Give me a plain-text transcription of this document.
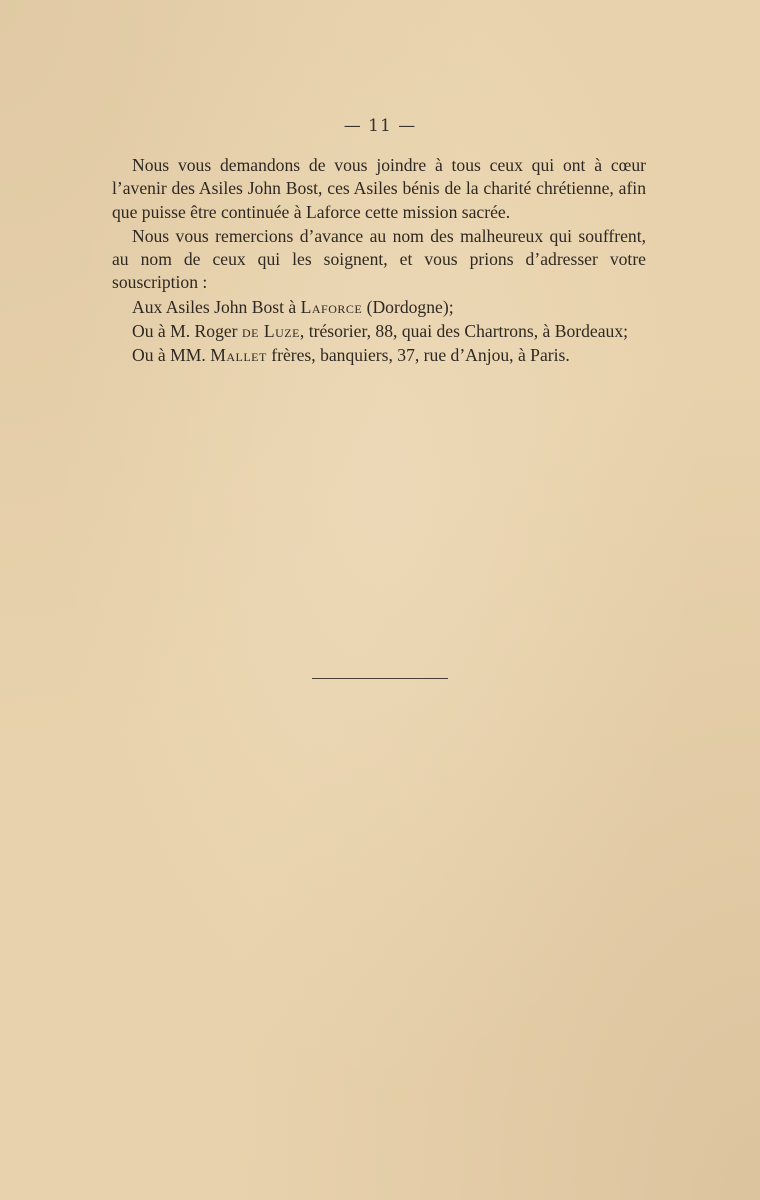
— 11 —

Nous vous demandons de vous joindre à tous ceux qui ont à cœur l’avenir des Asiles John Bost, ces Asiles bénis de la charité chrétienne, afin que puisse être continuée à Laforce cette mission sacrée.

Nous vous remercions d’avance au nom des malheureux qui souffrent, au nom de ceux qui les soignent, et vous prions d’adresser votre souscription :

Aux Asiles John Bost à Laforce (Dordogne);

Ou à M. Roger de Luze, trésorier, 88, quai des Chartrons, à Bordeaux;

Ou à MM. Mallet frères, banquiers, 37, rue d’Anjou, à Paris.
